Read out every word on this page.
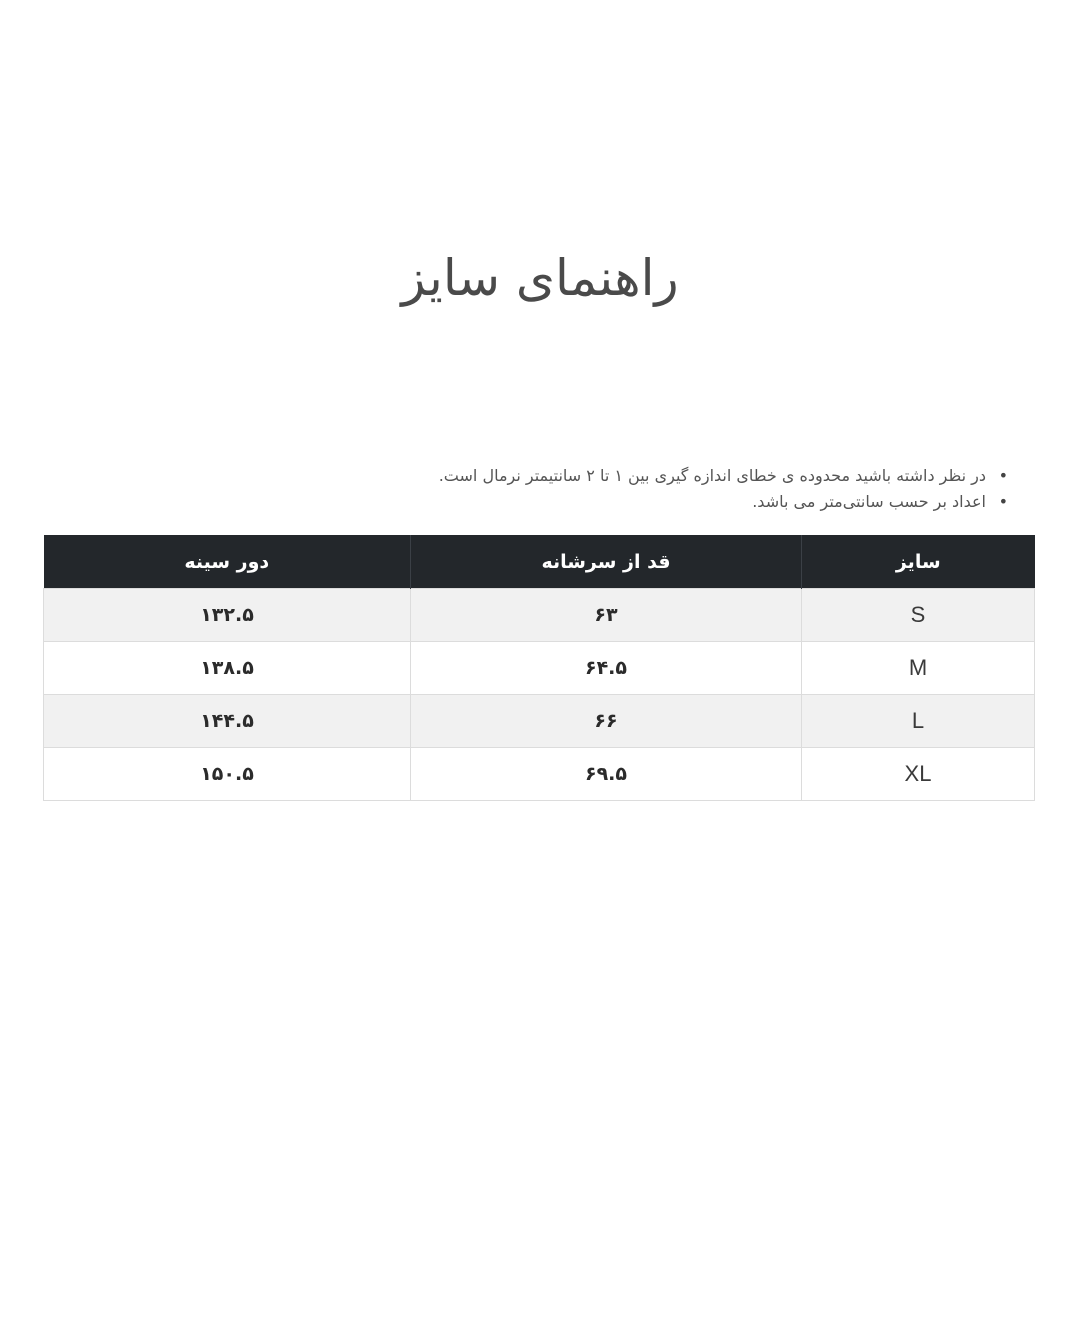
راهنمای سایز
•
در نظر داشته باشید محدوده ی خطای اندازه گیری بین ۱ تا ۲ سانتیمتر نرمال است.
•
اعداد بر حسب سانتی‌متر می باشد.
سایز	قد از سرشانه	دور سینه
S	۶۳	۱۳۲.۵
M	۶۴.۵	۱۳۸.۵
L	۶۶	۱۴۴.۵
XL	۶۹.۵	۱۵۰.۵
